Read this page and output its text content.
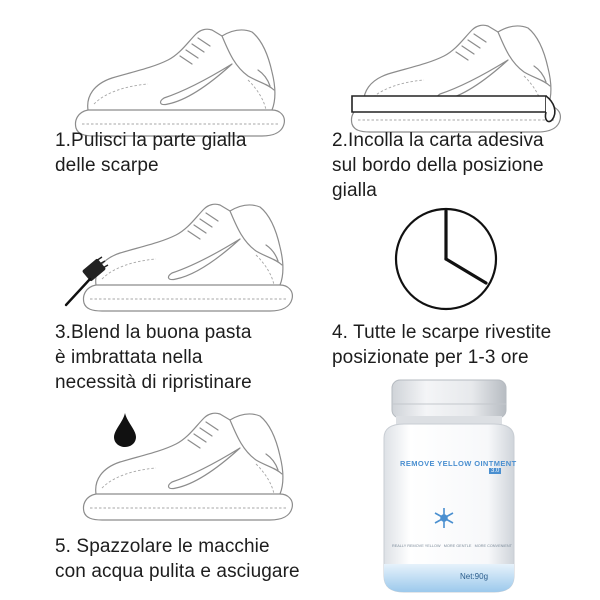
1.Pulisci la parte gialla
delle scarpe
2.Incolla la carta adesiva
sul bordo della posizione
gialla
3.Blend la buona pasta
è imbrattata nella
necessità di ripristinare
4. Tutte le scarpe rivestite
posizionate per 1-3 ore
5. Spazzolare le macchie
con acqua pulita e asciugare
REMOVE YELLOW OINTMENT
3.0
REALLY REMOVE YELLOW MORE GENTLE MORE CONVENIENT
Net:90g
